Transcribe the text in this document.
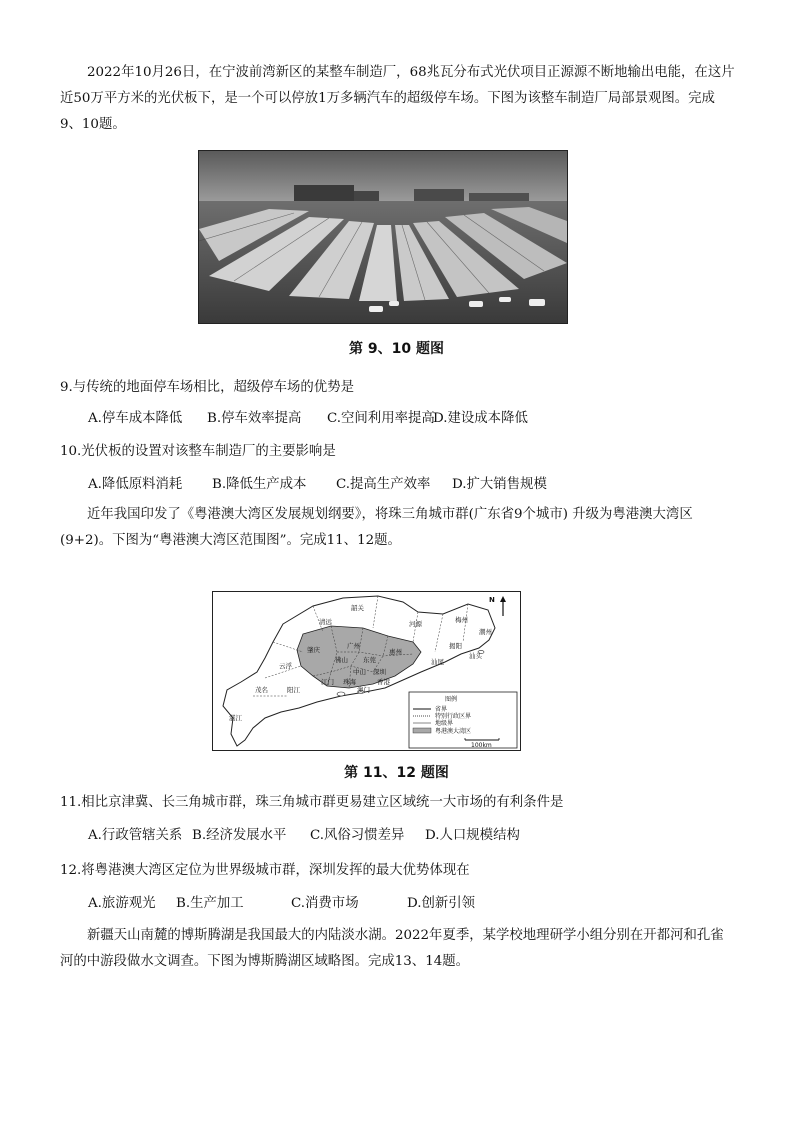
2022年10月26日，在宁波前湾新区的某整车制造厂，68兆瓦分布式光伏项目正源源不断地输出电能，在这片近50万平方米的光伏板下，是一个可以停放1万多辆汽车的超级停车场。下图为该整车制造厂局部景观图。完成9、10题。
第 9、10 题图
9.与传统的地面停车场相比，超级停车场的优势是
A.停车成本降低 B.停车效率提高 C.空间利用率提高D.建设成本降低
10.光伏板的设置对该整车制造厂的主要影响是
A.降低原料消耗 B.降低生产成本 C.提高生产效率 D.扩大销售规模
近年我国印发了《粤港澳大湾区发展规划纲要》，将珠三角城市群(广东省9个城市) 升级为粤港澳大湾区(9+2)。下图为“粤港澳大湾区范围图”。完成11、12题。
韶关
清远	河源	梅州
潮州
揭阳
汕头
汕尾
惠州
广州
肇庆
佛山 东莞
深圳
香港
澳门
中山
珠海
江门
云浮
阳江
茂名
湛江
N
图例
省界
特别行政区界
地级界
粤港澳大湾区
100km
第 11、12 题图
11.相比京津冀、长三角城市群，珠三角城市群更易建立区域统一大市场的有利条件是
A.行政管辖关系 B.经济发展水平 C.风俗习惯差异 D.人口规模结构
12.将粤港澳大湾区定位为世界级城市群，深圳发挥的最大优势体现在
A.旅游观光 B.生产加工	C.消费市场	D.创新引领
新疆天山南麓的博斯腾湖是我国最大的内陆淡水湖。2022年夏季，某学校地理研学小组分别在开都河和孔雀河的中游段做水文调查。下图为博斯腾湖区域略图。完成13、14题。
